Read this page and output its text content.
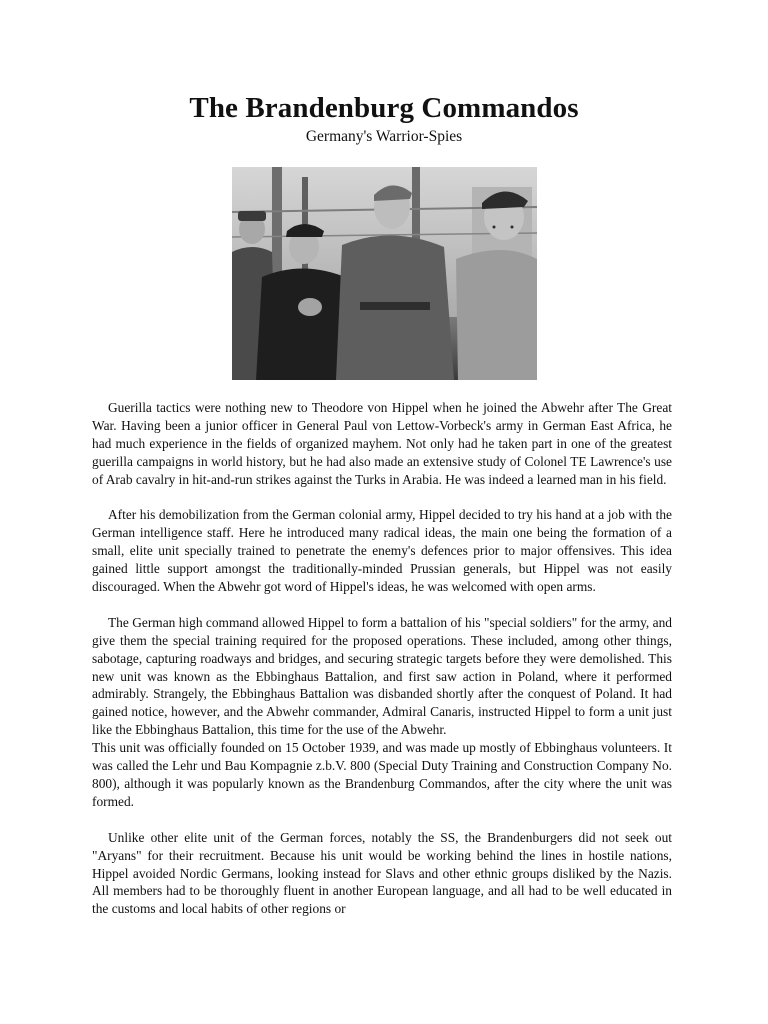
The Brandenburg Commandos
Germany's Warrior-Spies

Guerilla tactics were nothing new to Theodore von Hippel when he joined the Abwehr after The Great War. Having been a junior officer in General Paul von Lettow-Vorbeck's army in German East Africa, he had much experience in the fields of organized mayhem. Not only had he taken part in one of the greatest guerilla campaigns in world history, but he had also made an extensive study of Colonel TE Lawrence's use of Arab cavalry in hit-and-run strikes against the Turks in Arabia. He was indeed a learned man in his field.

After his demobilization from the German colonial army, Hippel decided to try his hand at a job with the German intelligence staff. Here he introduced many radical ideas, the main one being the formation of a small, elite unit specially trained to penetrate the enemy's defences prior to major offensives. This idea gained little support amongst the traditionally-minded Prussian generals, but Hippel was not easily discouraged. When the Abwehr got word of Hippel's ideas, he was welcomed with open arms.

The German high command allowed Hippel to form a battalion of his "special soldiers" for the army, and give them the special training required for the proposed operations. These included, among other things, sabotage, capturing roadways and bridges, and securing strategic targets before they were demolished. This new unit was known as the Ebbinghaus Battalion, and first saw action in Poland, where it performed admirably. Strangely, the Ebbinghaus Battalion was disbanded shortly after the conquest of Poland. It had gained notice, however, and the Abwehr commander, Admiral Canaris, instructed Hippel to form a unit just like the Ebbinghaus Battalion, this time for the use of the Abwehr.

This unit was officially founded on 15 October 1939, and was made up mostly of Ebbinghaus volunteers. It was called the Lehr und Bau Kompagnie z.b.V. 800 (Special Duty Training and Construction Company No. 800), although it was popularly known as the Brandenburg Commandos, after the city where the unit was formed.

Unlike other elite unit of the German forces, notably the SS, the Brandenburgers did not seek out "Aryans" for their recruitment. Because his unit would be working behind the lines in hostile nations, Hippel avoided Nordic Germans, looking instead for Slavs and other ethnic groups disliked by the Nazis. All members had to be thoroughly fluent in another European language, and all had to be well educated in the customs and local habits of other regions or
